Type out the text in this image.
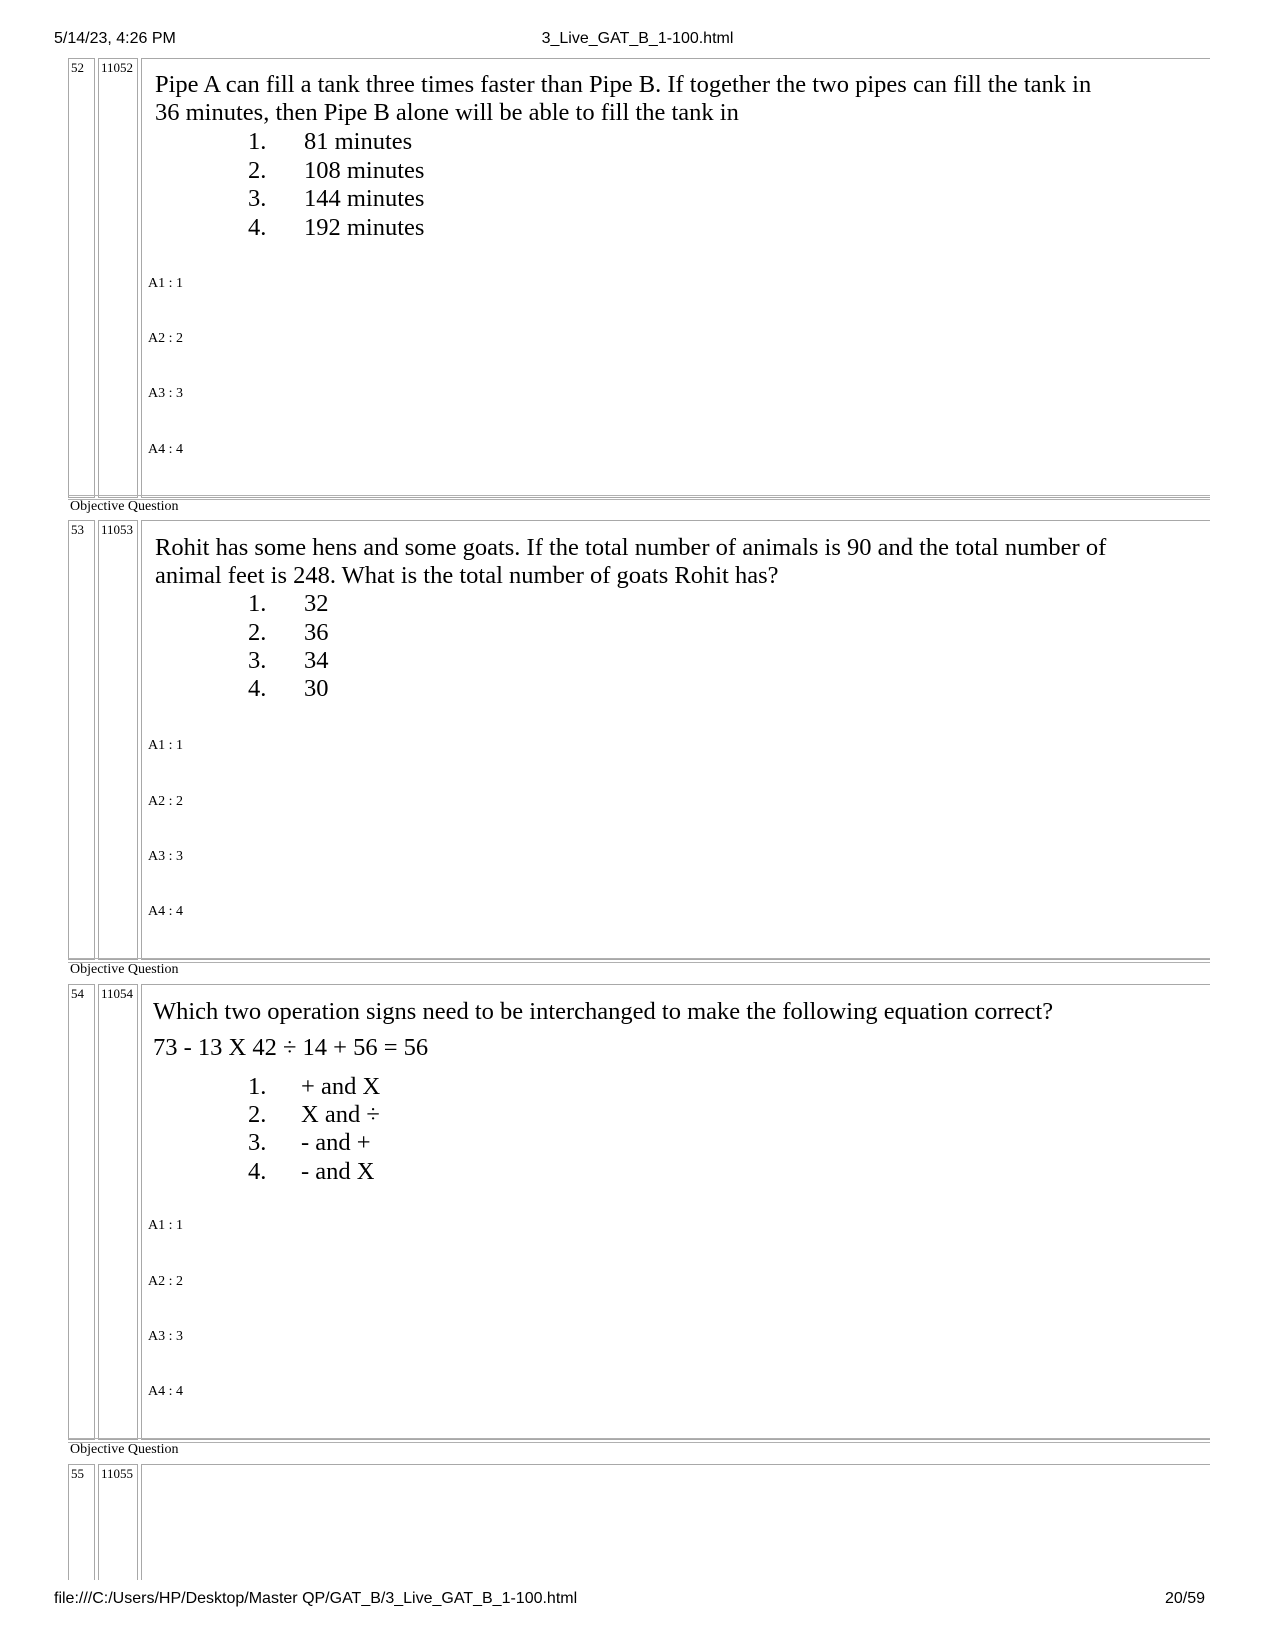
5/14/23, 4:26 PM	3_Live_GAT_B_1-100.html
52	11052
Pipe A can fill a tank three times faster than Pipe B. If together the two pipes can fill the tank in
36 minutes, then Pipe B alone will be able to fill the tank in
1. 81 minutes
2. 108 minutes
3. 144 minutes
4. 192 minutes
A1 : 1
A2 : 2
A3 : 3
A4 : 4
Objective Question
53	11053
Rohit has some hens and some goats. If the total number of animals is 90 and the total number of
animal feet is 248. What is the total number of goats Rohit has?
1. 32
2. 36
3. 34
4. 30
A1 : 1
A2 : 2
A3 : 3
A4 : 4
Objective Question
54	11054
Which two operation signs need to be interchanged to make the following equation correct?
73 - 13 X 42 ÷ 14 + 56 = 56
1. + and X
2. X and ÷
3. - and +
4. - and X
A1 : 1
A2 : 2
A3 : 3
A4 : 4
Objective Question
55	11055
file:///C:/Users/HP/Desktop/Master QP/GAT_B/3_Live_GAT_B_1-100.html	20/59
